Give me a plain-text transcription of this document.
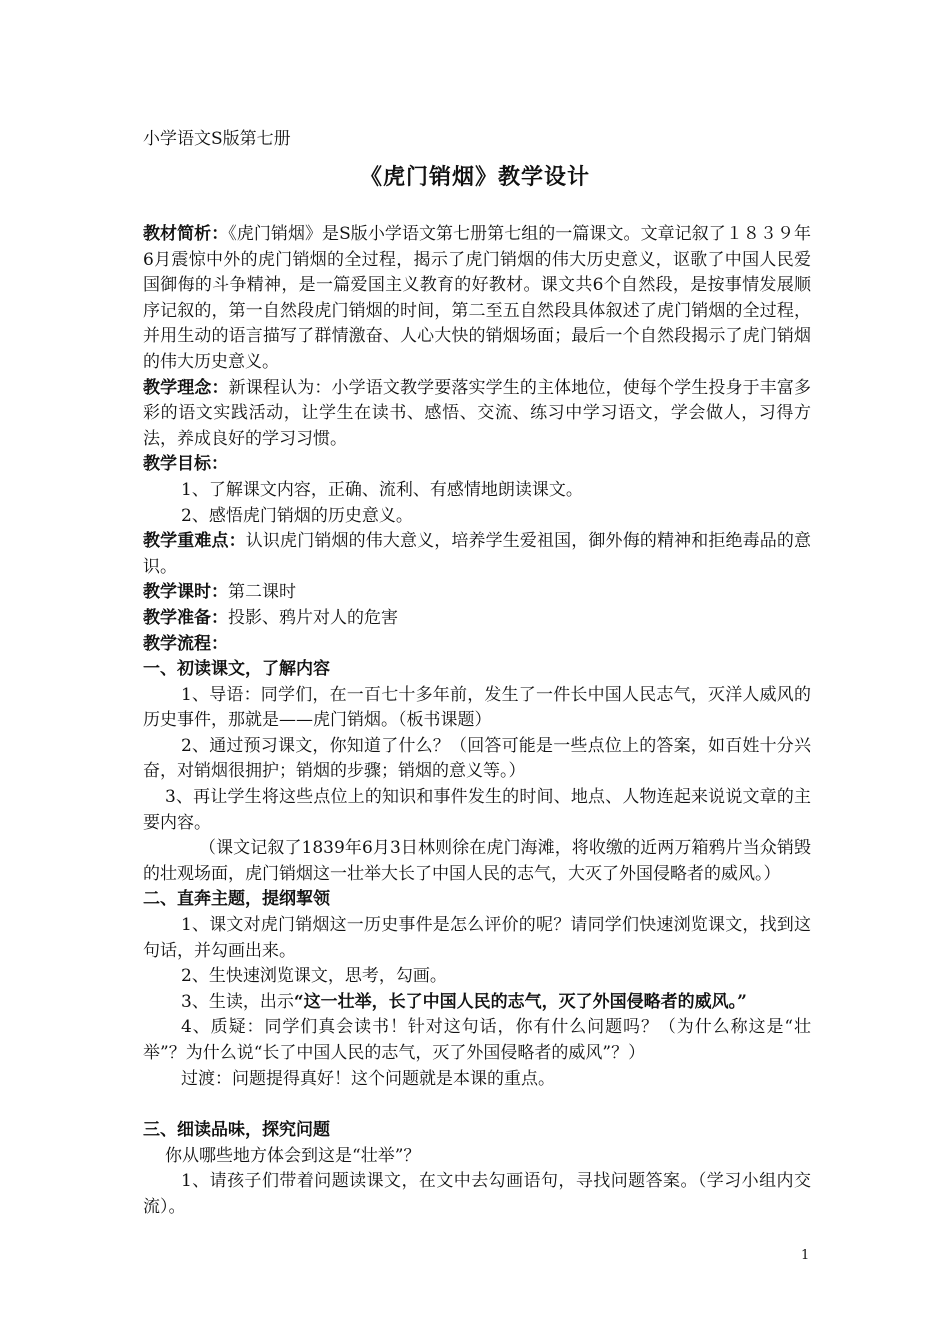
小学语文S版第七册
《虎门销烟》教学设计

教材简析：《虎门销烟》是S版小学语文第七册第七组的一篇课文。文章记叙了１８３９年6月震惊中外的虎门销烟的全过程，揭示了虎门销烟的伟大历史意义，讴歌了中国人民爱国御侮的斗争精神，是一篇爱国主义教育的好教材。课文共6个自然段，是按事情发展顺序记叙的，第一自然段虎门销烟的时间，第二至五自然段具体叙述了虎门销烟的全过程，并用生动的语言描写了群情激奋、人心大快的销烟场面；最后一个自然段揭示了虎门销烟的伟大历史意义。

教学理念：新课程认为：小学语文教学要落实学生的主体地位，使每个学生投身于丰富多彩的语文实践活动，让学生在读书、感悟、交流、练习中学习语文，学会做人，习得方法，养成良好的学习习惯。

教学目标：

1、了解课文内容，正确、流利、有感情地朗读课文。

2、感悟虎门销烟的历史意义。

教学重难点：认识虎门销烟的伟大意义，培养学生爱祖国，御外侮的精神和拒绝毒品的意识。

教学课时：第二课时

教学准备：投影、鸦片对人的危害

教学流程：

一、初读课文，了解内容

1、导语：同学们，在一百七十多年前，发生了一件长中国人民志气，灭洋人威风的历史事件，那就是——虎门销烟。（板书课题）

2、通过预习课文，你知道了什么？（回答可能是一些点位上的答案，如百姓十分兴奋，对销烟很拥护；销烟的步骤；销烟的意义等。）

3、再让学生将这些点位上的知识和事件发生的时间、地点、人物连起来说说文章的主要内容。

（课文记叙了1839年6月3日林则徐在虎门海滩，将收缴的近两万箱鸦片当众销毁的壮观场面，虎门销烟这一壮举大长了中国人民的志气，大灭了外国侵略者的威风。）

二、直奔主题，提纲挈领

1、课文对虎门销烟这一历史事件是怎么评价的呢？请同学们快速浏览课文，找到这句话，并勾画出来。

2、生快速浏览课文，思考，勾画。

3、生读，出示“这一壮举，长了中国人民的志气，灭了外国侵略者的威风。”

4、质疑：同学们真会读书！针对这句话，你有什么问题吗？（为什么称这是“壮举”？为什么说“长了中国人民的志气，灭了外国侵略者的威风”？）

过渡：问题提得真好！这个问题就是本课的重点。

三、细读品味，探究问题

你从哪些地方体会到这是“壮举”？

1、请孩子们带着问题读课文，在文中去勾画语句，寻找问题答案。（学习小组内交流）。

1
